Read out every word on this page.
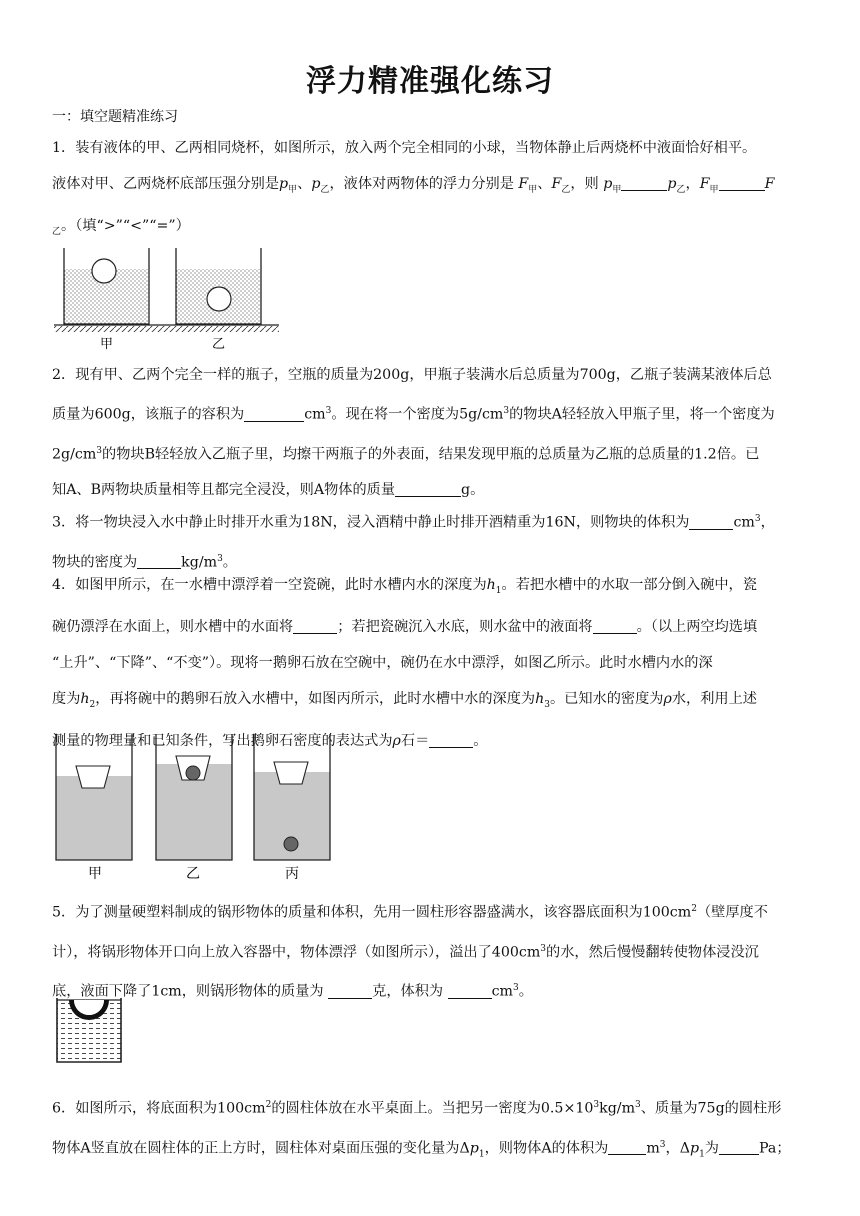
浮力精准强化练习
一：填空题精准练习
1．装有液体的甲、乙两相同烧杯，如图所示，放入两个完全相同的小球，当物体静止后两烧杯中液面恰好相平。
液体对甲、乙两烧杯底部压强分别是$p_甲$、$p_乙$，液体对两物体的浮力分别是 $F_甲$、$F_乙$，则 $p_甲$	$p_乙$，$F_甲$	F
$_乙$。（填“>”“<”“=”）
甲	乙
2．现有甲、乙两个完全一样的瓶子，空瓶的质量为200g，甲瓶子装满水后总质量为700g，乙瓶子装满某液体后总
质量为600g，该瓶子的容积为	$cm^3$。现在将一个密度为$5g/cm^3$的物块A轻轻放入甲瓶子里，将一个密度为
$2g/cm^3$的物块B轻轻放入乙瓶子里，均擦干两瓶子的外表面，结果发现甲瓶的总质量为乙瓶的总质量的1.2倍。已
知A、B两物块质量相等且都完全浸没，则A物体的质量	g。
3．将一物块浸入水中静止时排开水重为18N，浸入酒精中静止时排开酒精重为16N，则物块的体积为	$cm^3$，
物块的密度为	$kg/m^3$。
4．如图甲所示，在一水槽中漂浮着一空瓷碗，此时水槽内水的深度为$h_1$。若把水槽中的水取一部分倒入碗中，瓷
碗仍漂浮在水面上，则水槽中的水面将	；若把瓷碗沉入水底，则水盆中的液面将	。（以上两空均选填
“上升”、“下降”、“不变”）。现将一鹅卵石放在空碗中，碗仍在水中漂浮，如图乙所示。此时水槽内水的深
度为$h_2$，再将碗中的鹅卵石放入水槽中，如图丙所示，此时水槽中水的深度为$h_3$。已知水的密度为ρ水，利用上述
测量的物理量和已知条件，写出鹅卵石密度的表达式为ρ石＝	。
甲	乙	丙
5．为了测量硬塑料制成的锅形物体的质量和体积，先用一圆柱形容器盛满水，该容器底面积为$100cm^2$（壁厚度不
计），将锅形物体开口向上放入容器中，物体漂浮（如图所示），溢出了$400cm^3$的水，然后慢慢翻转使物体浸没沉
底，液面下降了1cm，则锅形物体的质量为	克，体积为	$cm^3$。
6．如图所示，将底面积为$100cm^2$的圆柱体放在水平桌面上。当把另一密度为$0.5\times 10^3kg/m^3$、质量为75g的圆柱形
物体A竖直放在圆柱体的正上方时，圆柱体对桌面压强的变化量为$\Delta p_1$，则物体A的体积为	$m^3$，$\Delta p_1$为	Pa；
